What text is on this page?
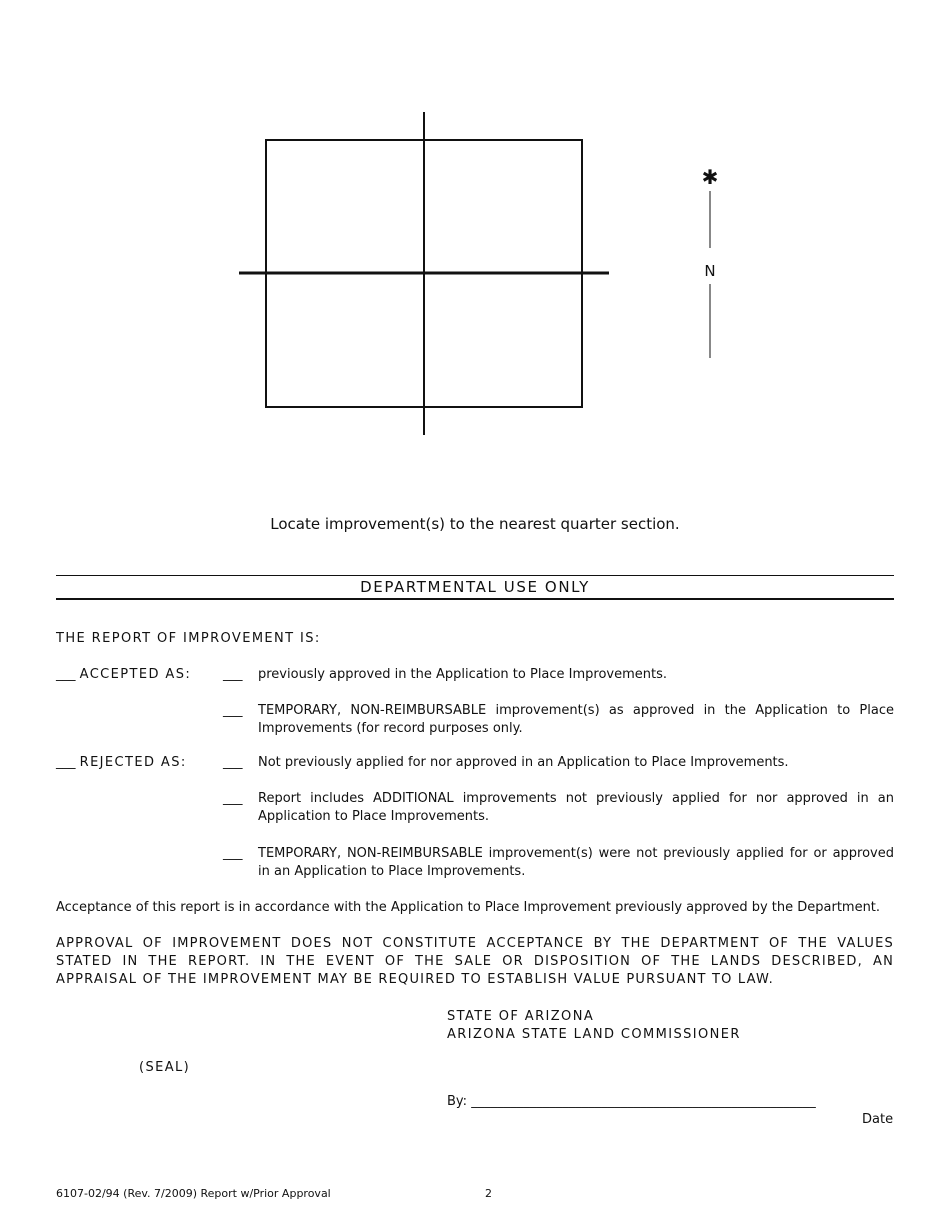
✱
N
Locate improvement(s) to the nearest quarter section.
DEPARTMENTAL USE ONLY
THE REPORT OF IMPROVEMENT IS:
___ ACCEPTED AS: ___ previously approved in the Application to Place Improvements.
___ TEMPORARY, NON-REIMBURSABLE improvement(s) as approved in the Application to Place Improvements (for record purposes only.
___ REJECTED AS:	___ Not previously applied for nor approved in an Application to Place Improvements.
___ Report includes ADDITIONAL improvements not previously applied for nor approved in an Application to Place Improvements.
___ TEMPORARY, NON-REIMBURSABLE improvement(s) were not previously applied for or approved in an Application to Place Improvements.
Acceptance of this report is in accordance with the Application to Place Improvement previously approved by the Department.
APPROVAL OF IMPROVEMENT DOES NOT CONSTITUTE ACCEPTANCE BY THE DEPARTMENT OF THE VALUES STATED IN THE REPORT. IN THE EVENT OF THE SALE OR DISPOSITION OF THE LANDS DESCRIBED, AN APPRAISAL OF THE IMPROVEMENT MAY BE REQUIRED TO ESTABLISH VALUE PURSUANT TO LAW.
STATE OF ARIZONA
ARIZONA STATE LAND COMMISSIONER
(SEAL)
By: _____________________________________________________
Date
6107-02/94 (Rev. 7/2009) Report w/Prior Approval	2
